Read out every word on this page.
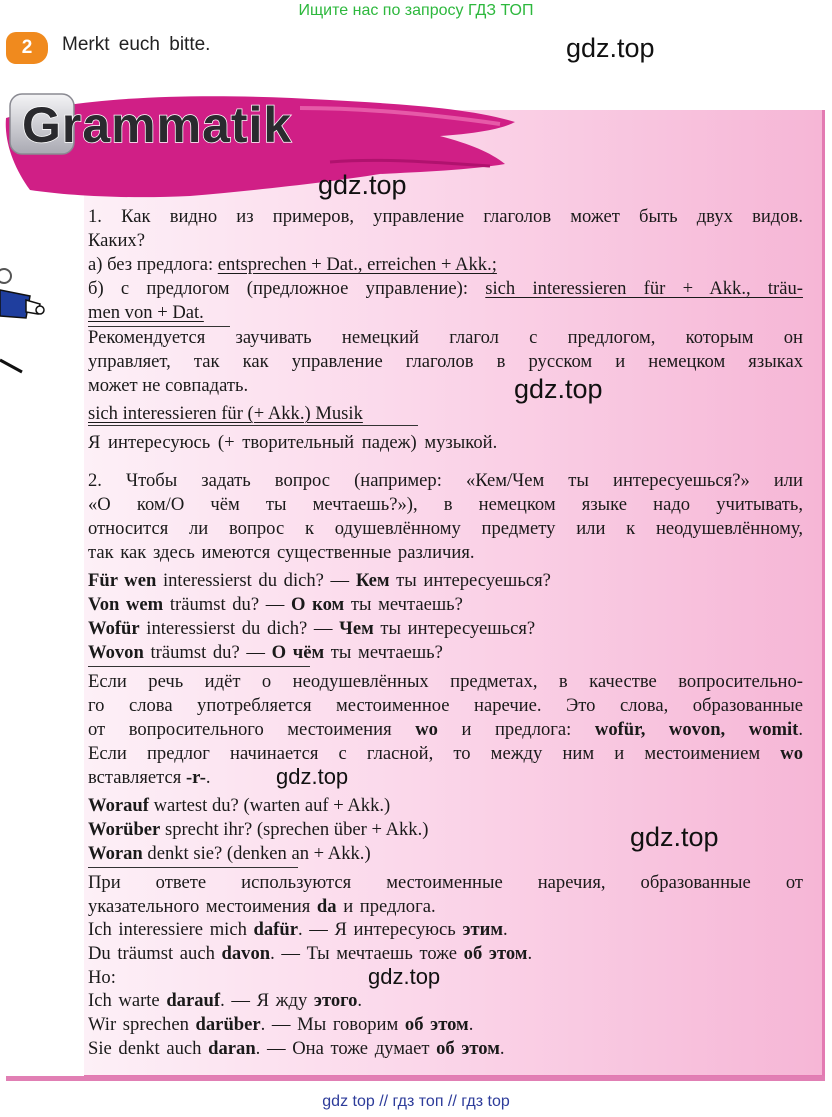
Ищите нас по запросу ГДЗ ТОП
2	Merkt euch bitte.
Grammatik
gdz.top
gdz.top
gdz.top
gdz.top
gdz.top
gdz.top
1. Как видно из примеров, управление глаголов может быть двух видов.
Каких?
а) без предлога: entsprechen + Dat., erreichen + Akk.;
б) с предлогом (предложное управление): sich interessieren für + Akk., träu-
men von + Dat.
Рекомендуется заучивать немецкий глагол с предлогом, которым он
управляет, так как управление глаголов в русском и немецком языках
может не совпадать.
sich interessieren für (+ Akk.) Musik
Я интересуюсь (+ творительный падеж) музыкой.
2. Чтобы задать вопрос (например: «Кем/Чем ты интересуешься?» или
«О ком/О чём ты мечтаешь?»), в немецком языке надо учитывать,
относится ли вопрос к одушевлённому предмету или к неодушевлённому,
так как здесь имеются существенные различия.
Für wen interessierst du dich? — Кем ты интересуешься?
Von wem träumst du? — О ком ты мечтаешь?
Wofür interessierst du dich? — Чем ты интересуешься?
Wovon träumst du? — О чём ты мечтаешь?
Если речь идёт о неодушевлённых предметах, в качестве вопросительно-
го слова употребляется местоименное наречие. Это слова, образованные
от вопросительного местоимения wo и предлога: wofür, wovon, womit.
Если предлог начинается с гласной, то между ним и местоимением wo
вставляется -r-.
Worauf wartest du? (warten auf + Akk.)
Worüber sprecht ihr? (sprechen über + Akk.)
Woran denkt sie? (denken an + Akk.)
При ответе используются местоименные наречия, образованные от
указательного местоимения da и предлога.
Ich interessiere mich dafür. — Я интересуюсь этим.
Du träumst auch davon. — Ты мечтаешь тоже об этом.
Но:
Ich warte darauf. — Я жду этого.
Wir sprechen darüber. — Мы говорим об этом.
Sie denkt auch daran. — Она тоже думает об этом.
gdz top // гдз топ // гдз top
